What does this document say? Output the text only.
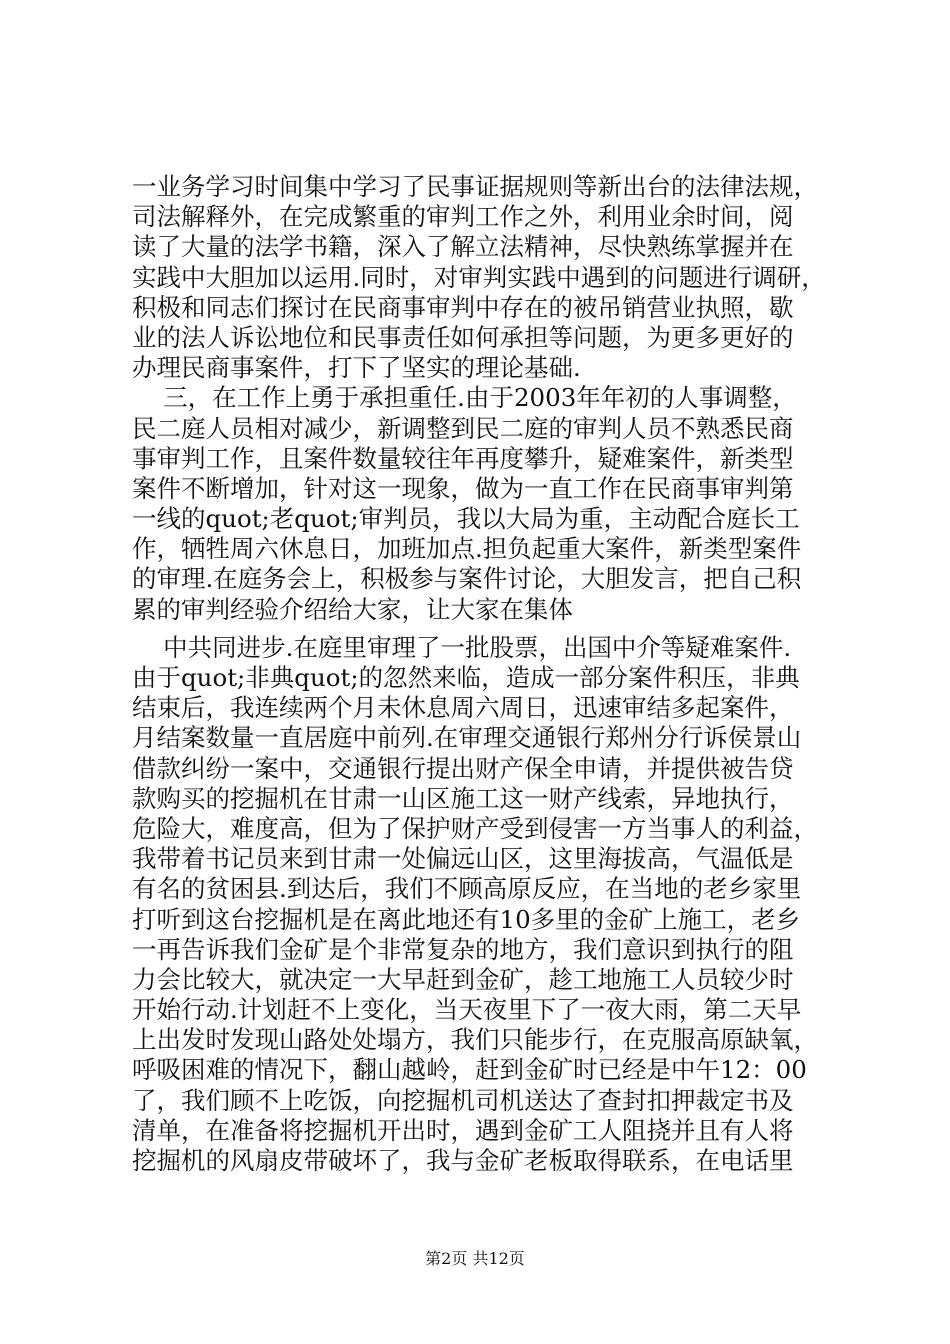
一业务学习时间集中学习了民事证据规则等新出台的法律法规，
司法解释外，在完成繁重的审判工作之外，利用业余时间，阅
读了大量的法学书籍，深入了解立法精神，尽快熟练掌握并在
实践中大胆加以运用.同时，对审判实践中遇到的问题进行调研，
积极和同志们探讨在民商事审判中存在的被吊销营业执照，歇
业的法人诉讼地位和民事责任如何承担等问题，为更多更好的
办理民商事案件，打下了坚实的理论基础.
三，在工作上勇于承担重任.由于2003年年初的人事调整，
民二庭人员相对减少，新调整到民二庭的审判人员不熟悉民商
事审判工作，且案件数量较往年再度攀升，疑难案件，新类型
案件不断增加，针对这一现象，做为一直工作在民商事审判第
一线的quot;老quot;审判员，我以大局为重，主动配合庭长工
作，牺牲周六休息日，加班加点.担负起重大案件，新类型案件
的审理.在庭务会上，积极参与案件讨论，大胆发言，把自己积
累的审判经验介绍给大家，让大家在集体
中共同进步.在庭里审理了一批股票，出国中介等疑难案件.
由于quot;非典quot;的忽然来临，造成一部分案件积压，非典
结束后，我连续两个月未休息周六周日，迅速审结多起案件，
月结案数量一直居庭中前列.在审理交通银行郑州分行诉侯景山
借款纠纷一案中，交通银行提出财产保全申请，并提供被告贷
款购买的挖掘机在甘肃一山区施工这一财产线索，异地执行，
危险大，难度高，但为了保护财产受到侵害一方当事人的利益，
我带着书记员来到甘肃一处偏远山区，这里海拔高，气温低是
有名的贫困县.到达后，我们不顾高原反应，在当地的老乡家里
打听到这台挖掘机是在离此地还有10多里的金矿上施工，老乡
一再告诉我们金矿是个非常复杂的地方，我们意识到执行的阻
力会比较大，就决定一大早赶到金矿，趁工地施工人员较少时
开始行动.计划赶不上变化，当天夜里下了一夜大雨，第二天早
上出发时发现山路处处塌方，我们只能步行，在克服高原缺氧，
呼吸困难的情况下，翻山越岭，赶到金矿时已经是中午12：00
了，我们顾不上吃饭，向挖掘机司机送达了查封扣押裁定书及
清单，在准备将挖掘机开出时，遇到金矿工人阻挠并且有人将
挖掘机的风扇皮带破坏了，我与金矿老板取得联系，在电话里
第2页 共12页
